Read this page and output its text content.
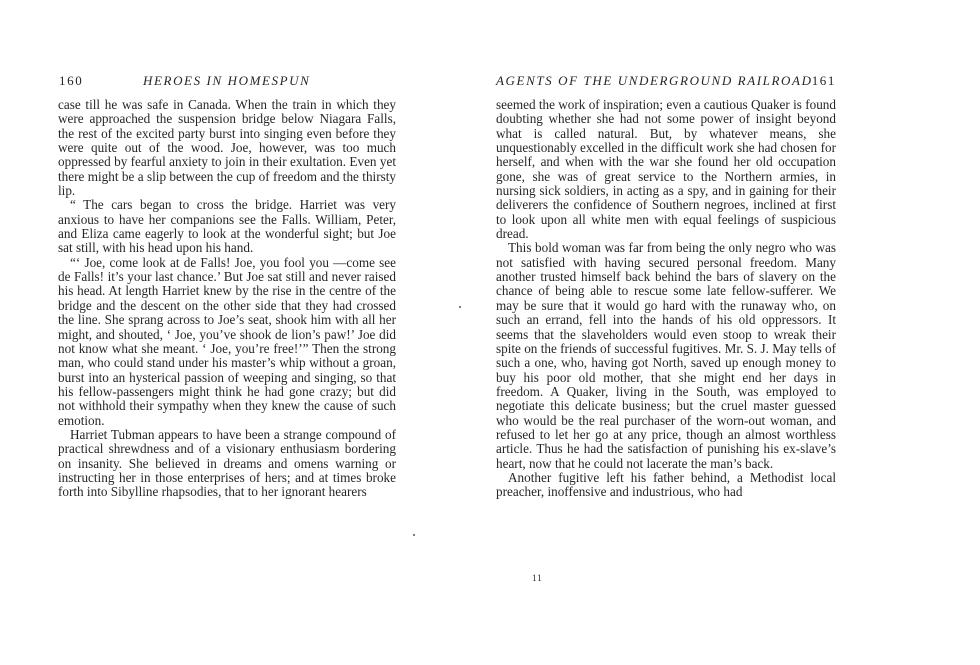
160	HEROES IN HOMESPUN

case till he was safe in Canada. When the train in which they were approached the suspension bridge below Niagara Falls, the rest of the excited party burst into singing even before they were quite out of the wood. Joe, however, was too much oppressed by fearful anxiety to join in their exultation. Even yet there might be a slip between the cup of freedom and the thirsty lip.

“ The cars began to cross the bridge. Harriet was very anxious to have her companions see the Falls. William, Peter, and Eliza came eagerly to look at the wonderful sight; but Joe sat still, with his head upon his hand.

“‘ Joe, come look at de Falls! Joe, you fool you —come see de Falls! it’s your last chance.’ But Joe sat still and never raised his head. At length Harriet knew by the rise in the centre of the bridge and the descent on the other side that they had crossed the line. She sprang across to Joe’s seat, shook him with all her might, and shouted, ‘ Joe, you’ve shook de lion’s paw!’ Joe did not know what she meant. ‘ Joe, you’re free!’” Then the strong man, who could stand under his master’s whip without a groan, burst into an hysterical passion of weeping and singing, so that his fellow-passengers might think he had gone crazy; but did not withhold their sympathy when they knew the cause of such emotion.

Harriet Tubman appears to have been a strange compound of practical shrewdness and of a visionary enthusiasm bordering on insanity. She believed in dreams and omens warning or instructing her in those enterprises of hers; and at times broke forth into Sibylline rhapsodies, that to her ignorant hearers

AGENTS OF THE UNDERGROUND RAILROAD 161

seemed the work of inspiration; even a cautious Quaker is found doubting whether she had not some power of insight beyond what is called natural. But, by whatever means, she unquestionably excelled in the difficult work she had chosen for herself, and when with the war she found her old occupation gone, she was of great service to the Northern armies, in nursing sick soldiers, in acting as a spy, and in gaining for their deliverers the confidence of Southern negroes, inclined at first to look upon all white men with equal feelings of suspicious dread.

This bold woman was far from being the only negro who was not satisfied with having secured personal freedom. Many another trusted himself back behind the bars of slavery on the chance of being able to rescue some late fellow-sufferer. We may be sure that it would go hard with the runaway who, on such an errand, fell into the hands of his old oppressors. It seems that the slaveholders would even stoop to wreak their spite on the friends of successful fugitives. Mr. S. J. May tells of such a one, who, having got North, saved up enough money to buy his poor old mother, that she might end her days in freedom. A Quaker, living in the South, was employed to negotiate this delicate business; but the cruel master guessed who would be the real purchaser of the worn-out woman, and refused to let her go at any price, though an almost worthless article. Thus he had the satisfaction of punishing his ex-slave’s heart, now that he could not lacerate the man’s back.

Another fugitive left his father behind, a Methodist local preacher, inoffensive and industrious, who had

11
